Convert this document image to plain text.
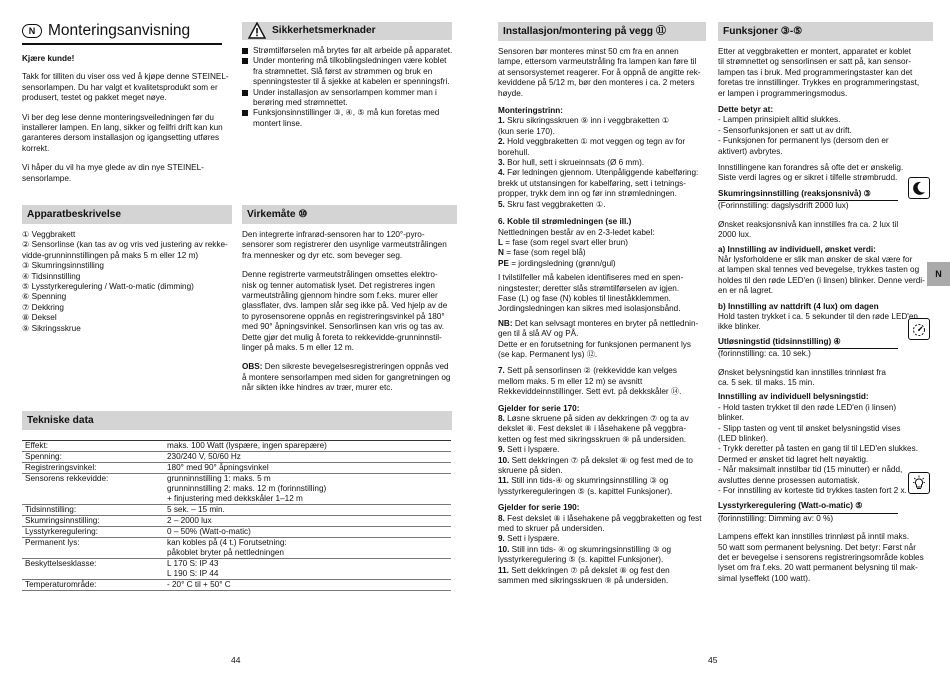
N Monteringsanvisning

Kjære kunde!

Takk for tilliten du viser oss ved å kjøpe denne STEINEL-
sensorlampen. Du har valgt et kvalitetsprodukt som er
produsert, testet og pakket meget nøye.

Vi ber deg lese denne monteringsveiledningen før du
installerer lampen. En lang, sikker og feilfri drift kan kun
garanteres dersom installasjon og igangsetting utføres
korrekt.

Vi håper du vil ha mye glede av din nye STEINEL-
sensorlampe.

Sikkerhetsmerknader
Strømtilførselen må brytes før alt arbeide på apparatet.
Under montering må tilkoblingsledningen være koblet
fra strømnettet. Slå først av strømmen og bruk en
spenningstester til å sjekke at kabelen er spenningsfri.
Under installasjon av sensorlampen kommer man i
berøring med strømnettet.
Funksjonsinnstillinger ③, ④, ⑤ må kun foretas med
montert linse.
Apparatbeskrivelse
① Veggbrakett
② Sensorlinse (kan tas av og vris ved justering av rekke-
vidde-grunninnstillingen på maks 5 m eller 12 m)
③ Skumringsinnstilling
④ Tidsinnstilling
⑤ Lysstyrkeregulering / Watt-o-matic (dimming)
⑥ Spenning
⑦ Dekkring
⑧ Deksel
⑨ Sikringsskrue
Virkemåte ⑩

Den integrerte infrarød-sensoren har to 120°-pyro-
sensorer som registrerer den usynlige varmeutstrålingen
fra mennesker og dyr etc. som beveger seg.

Denne registrerte varmeutstrålingen omsettes elektro-
nisk og tenner automatisk lyset. Det registreres ingen
varmeutstråling gjennom hindre som f.eks. murer eller
glassflater, dvs. lampen slår seg ikke på. Ved hjelp av de
to pyrosensorene oppnås en registreringsvinkel på 180°
med 90° åpningsvinkel. Sensorlinsen kan vris og tas av.
Dette gjør det mulig å foreta to rekkevidde-grunninnstil-
linger på maks. 5 m eller 12 m.

OBS: Den sikreste bevegelsesregistreringen oppnås ved
å montere sensorlampen med siden for gangretningen og
når sikten ikke hindres av trær, murer etc.

Tekniske data
Effekt:	maks. 100 Watt (lyspære, ingen sparepære)
Spenning:	230/240 V, 50/60 Hz
Registreringsvinkel:	180° med 90° åpningsvinkel
Sensorens rekkevidde:	grunninnstilling 1: maks. 5 m
grunninnstilling 2: maks. 12 m (forinnstilling)
+ finjustering med dekkskåler 1–12 m
Tidsinnstilling:	5 sek. – 15 min.
Skumringsinnstilling:	2 – 2000 lux
Lysstyrkeregulering:	0 – 50% (Watt-o-matic)
Permanent lys:	kan kobles på (4 t.) Forutsetning:
påkoblet bryter på nettledningen
Beskyttelsesklasse:	L 170 S: IP 43
L 190 S: IP 44
Temperaturområde:	- 20° C til + 50° C
44
Installasjon/montering på vegg ⑪

Sensoren bør monteres minst 50 cm fra en annen
lampe, ettersom varmeutstråling fra lampen kan føre til
at sensorsystemet reagerer. For å oppnå de angitte rek-
keviddene på 5/12 m, bør den monteres i ca. 2 meters
høyde.

Monteringstrinn:
1. Skru sikringsskruen ⑨ inn i veggbraketten ①
(kun serie 170).
2. Hold veggbraketten ① mot veggen og tegn av for
borehull.
3. Bor hull, sett i skrueinnsats (Ø 6 mm).
4. Før ledningen gjennom. Utenpåliggende kabelføring:
brekk ut utstansingen for kabelføring, sett i tetnings-
propper, trykk dem inn og før inn strømledningen.
5. Skru fast veggbraketten ①.
6. Koble til strømledningen (se ill.)
Nettledningen består av en 2-3-ledet kabel:
L = fase (som regel svart eller brun)
N = fase (som regel blå)
PE = jordingsledning (grønn/gul)

I tvilstilfeller må kabelen identifiseres med en spen-
ningstester; deretter slås strømtilførselen av igjen.
Fase (L) og fase (N) kobles til lineståkklemmen.
Jordingsledningen kan sikres med isolasjonsbånd.

NB: Det kan selvsagt monteres en bryter på nettlednin-
gen til å slå AV og PÅ.
Dette er en forutsetning for funksjonen permanent lys
(se kap. Permanent lys) ⑫.

7. Sett på sensorlinsen ② (rekkevidde kan velges
mellom maks. 5 m eller 12 m) se avsnitt
Rekkeviddeinnstillinger. Sett evt. på dekkskåler ⑭.

Gjelder for serie 170:
8. Løsne skruene på siden av dekkringen ⑦ og ta av
dekslet ⑧. Fest dekslet ⑧ i låsehakene på veggbra-
ketten og fest med sikringsskruen ⑨ på undersiden.
9. Sett i lyspære.
10. Sett dekkringen ⑦ på dekslet ⑧ og fest med de to
skruene på siden.
11. Still inn tids-④ og skumringsinnstilling ③ og
lysstyrkereguleringen ⑤ (s. kapittel Funksjoner).
Gjelder for serie 190:
8. Fest dekslet ⑧ i låsehakene på veggbraketten og fest
med to skruer på undersiden.
9. Sett i lyspære.
10. Still inn tids- ④ og skumringsinnstilling ③ og
lysstyrkeregulering ⑤ (s. kapittel Funksjoner).
11. Sett dekkringen ⑦ på dekslet ⑧ og fest den
sammen med sikringsskruen ⑨ på undersiden.
Funksjoner ③-⑤

Etter at veggbraketten er montert, apparatet er koblet
til strømnettet og sensorlinsen er satt på, kan sensor-
lampen tas i bruk. Med programmeringstaster kan det
foretas tre innstillinger. Trykkes en programmeringstast,
er lampen i programmeringsmodus.

Dette betyr at:
- Lampen prinsipielt alltid slukkes.
- Sensorfunksjonen er satt ut av drift.
- Funksjonen for permanent lys (dersom den er
aktivert) avbrytes.

Innstillingene kan forandres så ofte det er ønskelig.
Siste verdi lagres og er sikret i tilfelle strømbrudd.

Skumringsinnstilling (reaksjonsnivå) ③
(Forinnstilling: dagslysdrift 2000 lux)

Ønsket reaksjonsnivå kan innstilles fra ca. 2 lux til
2000 lux.

a) Innstilling av individuell, ønsket verdi:

Når lysforholdene er slik man ønsker de skal være for
at lampen skal tennes ved bevegelse, trykkes tasten og
holdes til den røde LED'en (i linsen) blinker. Denne verdi-
en er nå lagret.

b) Innstilling av nattdrift (4 lux) om dagen

Hold tasten trykket i ca. 5 sekunder til den røde LED'en
ikke blinker.

Utløsningstid (tidsinnstilling) ④
(forinnstilling: ca. 10 sek.)

Ønsket belysningstid kan innstilles trinnløst fra
ca. 5 sek. til maks. 15 min.

Innstilling av individuell belysningstid:
- Hold tasten trykket til den røde LED'en (i linsen)
blinker.
- Slipp tasten og vent til ønsket belysningstid vises
(LED blinker).
- Trykk deretter på tasten en gang til til LED'en slukkes.
Dermed er ønsket tid lagret helt nøyaktig.
- Når maksimalt innstilbar tid (15 minutter) er nådd,
avsluttes denne prosessen automatisk.
- For innstilling av korteste tid trykkes tasten fort 2 x.
Lysstyrkeregulering (Watt-o-matic) ⑤
(forinnstilling: Dimming av: 0 %)

Lampens effekt kan innstilles trinnløst på inntil maks.
50 watt som permanent belysning. Det betyr: Først når
det er bevegelse i sensorens registreringsområde kobles
lyset om fra f.eks. 20 watt permanent belysning til mak-
simal lyseffekt (100 watt).

45
N
